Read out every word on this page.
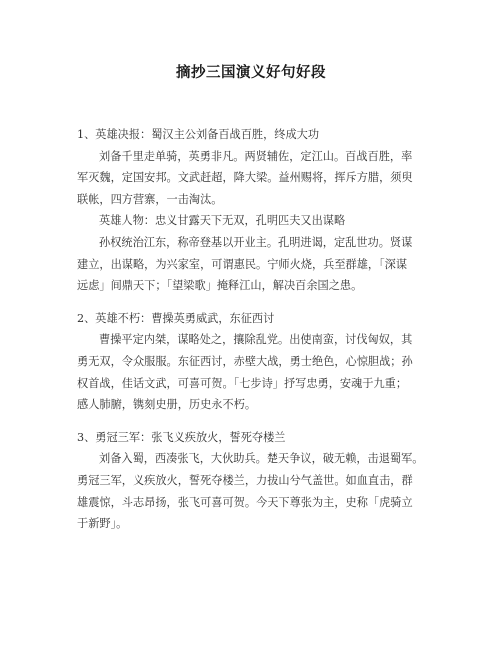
摘抄三国演义好句好段
1、英雄决报：蜀汉主公刘备百战百胜，终成大功
刘备千里走单骑，英勇非凡。两贤辅佐，定江山。百战百胜，率
军灭魏，定国安邦。文武赶超，降大梁。益州赐将，挥斥方腊，须臾
联帐，四方营寨，一击淘汰。
英雄人物：忠义甘露天下无双，孔明匹夫又出谋略
孙权统治江东，称帝登基以开业主。孔明进谒，定乱世功。贤谋
建立，出谋略，为兴家室，可谓惠民。宁师火烧，兵至群雄，「深谋
远虑」间鼎天下；「望梁歌」掩释江山，解决百余国之患。
2、英雄不朽：曹操英勇威武，东征西讨
曹操平定内桀，谋略处之，攘除乱党。出使南蛮，讨伐匈奴，其
勇无双，令众服服。东征西讨，赤壁大战，勇士绝色，心惊胆战；孙
权首战，佳话文武，可喜可贺。「七步诗」抒写忠勇，安魂于九重；
感人肺腑，镌刻史册，历史永不朽。
3、勇冠三军：张飞义疾放火，誓死夺楼兰
刘备入蜀，西凑张飞，大伙助兵。楚天争议，破无赖，击退蜀军。
勇冠三军，义疾放火，誓死夺楼兰，力拔山兮气盖世。如血直击，群
雄震惊，斗志昂扬，张飞可喜可贺。今天下尊张为主，史称「虎骑立
于新野」。
